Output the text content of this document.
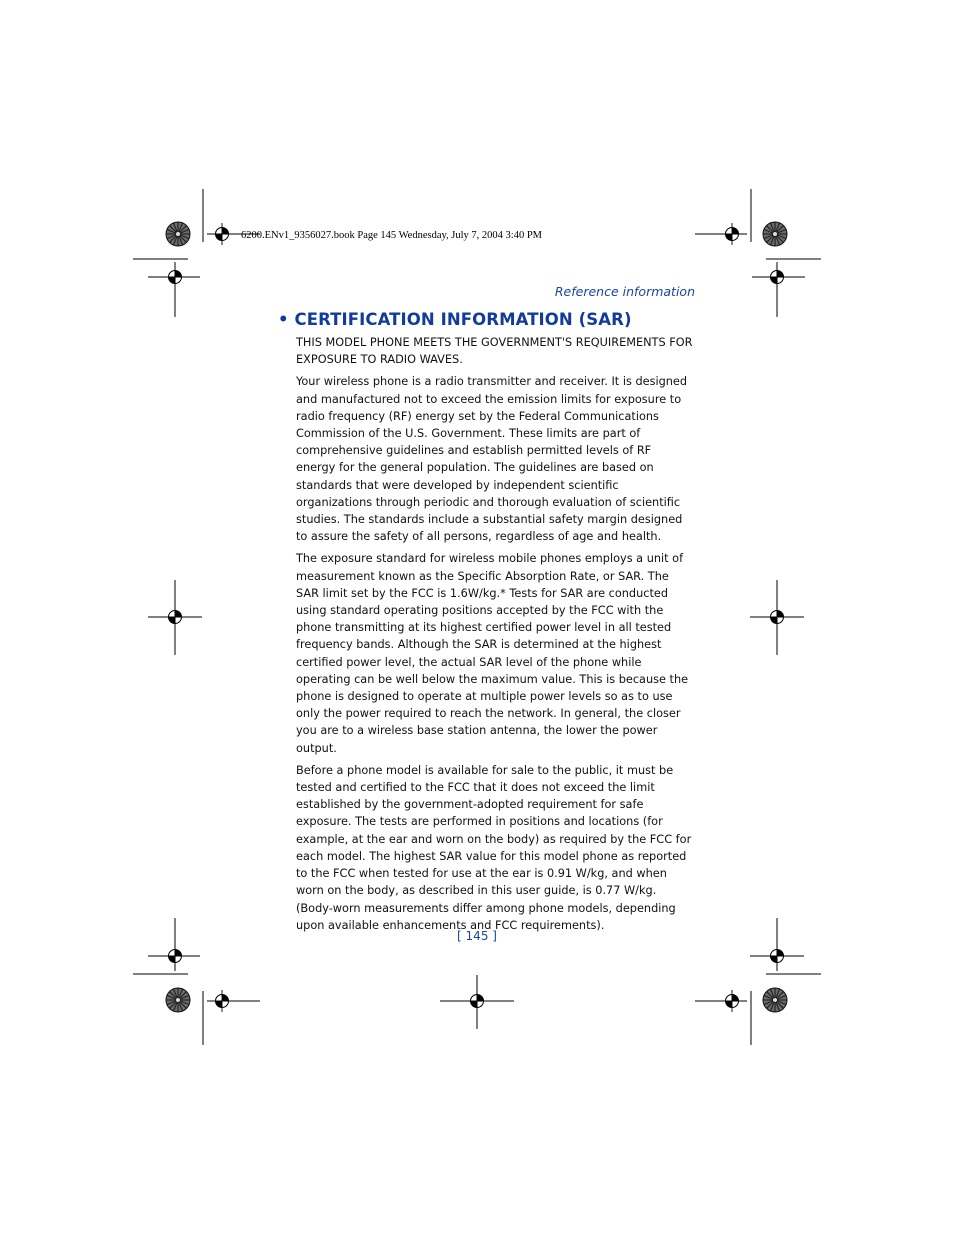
6200.ENv1_9356027.book Page 145 Wednesday, July 7, 2004 3:40 PM
Reference information
• CERTIFICATION INFORMATION (SAR)

THIS MODEL PHONE MEETS THE GOVERNMENT'S REQUIREMENTS FOR EXPOSURE TO RADIO WAVES.

Your wireless phone is a radio transmitter and receiver. It is designed and manufactured not to exceed the emission limits for exposure to radio frequency (RF) energy set by the Federal Communications Commission of the U.S. Government. These limits are part of comprehensive guidelines and establish permitted levels of RF energy for the general population. The guidelines are based on standards that were developed by independent scientific organizations through periodic and thorough evaluation of scientific studies. The standards include a substantial safety margin designed to assure the safety of all persons, regardless of age and health.

The exposure standard for wireless mobile phones employs a unit of measurement known as the Specific Absorption Rate, or SAR. The SAR limit set by the FCC is 1.6W/kg.* Tests for SAR are conducted using standard operating positions accepted by the FCC with the phone transmitting at its highest certified power level in all tested frequency bands. Although the SAR is determined at the highest certified power level, the actual SAR level of the phone while operating can be well below the maximum value. This is because the phone is designed to operate at multiple power levels so as to use only the power required to reach the network. In general, the closer you are to a wireless base station antenna, the lower the power output.

Before a phone model is available for sale to the public, it must be tested and certified to the FCC that it does not exceed the limit established by the government-adopted requirement for safe exposure. The tests are performed in positions and locations (for example, at the ear and worn on the body) as required by the FCC for each model. The highest SAR value for this model phone as reported to the FCC when tested for use at the ear is 0.91 W/kg, and when worn on the body, as described in this user guide, is 0.77 W/kg. (Body-worn measurements differ among phone models, depending upon available enhancements and FCC requirements).

[ 145 ]
